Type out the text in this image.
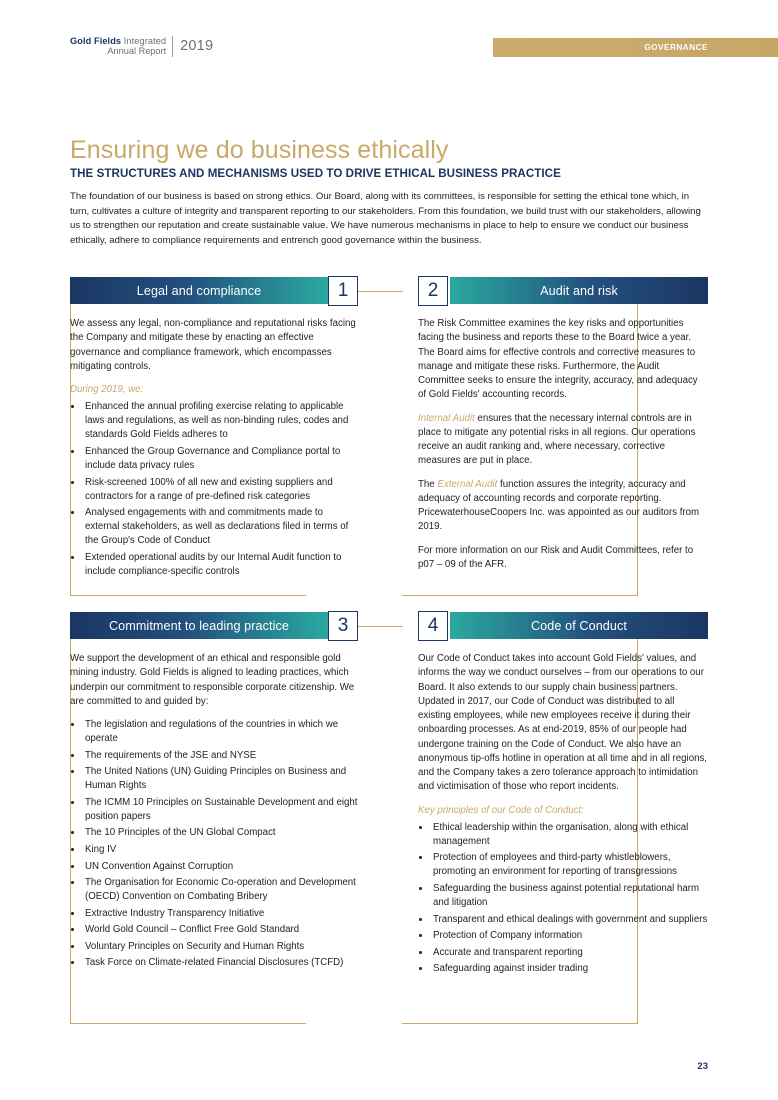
Gold Fields Integrated
Annual Report 2019	GOVERNANCE
Ensuring we do business ethically
THE STRUCTURES AND MECHANISMS USED TO DRIVE ETHICAL BUSINESS PRACTICE
The foundation of our business is based on strong ethics. Our Board, along with its committees, is responsible for setting the ethical tone which, in turn, cultivates a culture of integrity and transparent reporting to our stakeholders. From this foundation, we build trust with our stakeholders, allowing us to strengthen our reputation and create sustainable value. We have numerous mechanisms in place to help to ensure we conduct our business ethically, adhere to compliance requirements and entrench good governance within the business.
Legal and compliance	1

We assess any legal, non-compliance and reputational risks facing the Company and mitigate these by enacting an effective governance and compliance framework, which encompasses mitigating controls.

During 2019, we:
• Enhanced the annual profiling exercise relating to applicable laws and regulations, as well as non-binding rules, codes and standards Gold Fields adheres to
• Enhanced the Group Governance and Compliance portal to include data privacy rules
• Risk-screened 100% of all new and existing suppliers and contractors for a range of pre-defined risk categories
• Analysed engagements with and commitments made to external stakeholders, as well as declarations filed in terms of the Group's Code of Conduct
• Extended operational audits by our Internal Audit function to include compliance-specific controls
Audit and risk
2

The Risk Committee examines the key risks and opportunities facing the business and reports these to the Board twice a year. The Board aims for effective controls and corrective measures to manage and mitigate these risks. Furthermore, the Audit Committee seeks to ensure the integrity, accuracy, and adequacy of Gold Fields' accounting records.

Internal Audit ensures that the necessary internal controls are in place to mitigate any potential risks in all regions. Our operations receive an audit ranking and, where necessary, corrective measures are put in place.

The External Audit function assures the integrity, accuracy and adequacy of accounting records and corporate reporting. PricewaterhouseCoopers Inc. was appointed as our auditors from 2019.

For more information on our Risk and Audit Committees, refer to p07 – 09 of the AFR.

Commitment to leading practice	3

We support the development of an ethical and responsible gold mining industry. Gold Fields is aligned to leading practices, which underpin our commitment to responsible corporate citizenship. We are committed to and guided by:

• The legislation and regulations of the countries in which we operate
• The requirements of the JSE and NYSE
• The United Nations (UN) Guiding Principles on Business and Human Rights
• The ICMM 10 Principles on Sustainable Development and eight position papers
• The 10 Principles of the UN Global Compact
• King IV
• UN Convention Against Corruption
• The Organisation for Economic Co-operation and Development (OECD) Convention on Combating Bribery
• Extractive Industry Transparency Initiative
• World Gold Council – Conflict Free Gold Standard
• Voluntary Principles on Security and Human Rights
• Task Force on Climate-related Financial Disclosures (TCFD)
Code of Conduct
4

Our Code of Conduct takes into account Gold Fields' values, and informs the way we conduct ourselves – from our operations to our Board. It also extends to our supply chain business partners. Updated in 2017, our Code of Conduct was distributed to all existing employees, while new employees receive it during their onboarding processes. As at end-2019, 85% of our people had undergone training on the Code of Conduct. We also have an anonymous tip-offs hotline in operation at all time and in all regions, and the Company takes a zero tolerance approach to intimidation and victimisation of those who report incidents.

Key principles of our Code of Conduct:
• Ethical leadership within the organisation, along with ethical management
• Protection of employees and third-party whistleblowers, promoting an environment for reporting of transgressions
• Safeguarding the business against potential reputational harm and litigation
• Transparent and ethical dealings with government and suppliers
• Protection of Company information
• Accurate and transparent reporting
• Safeguarding against insider trading
23
